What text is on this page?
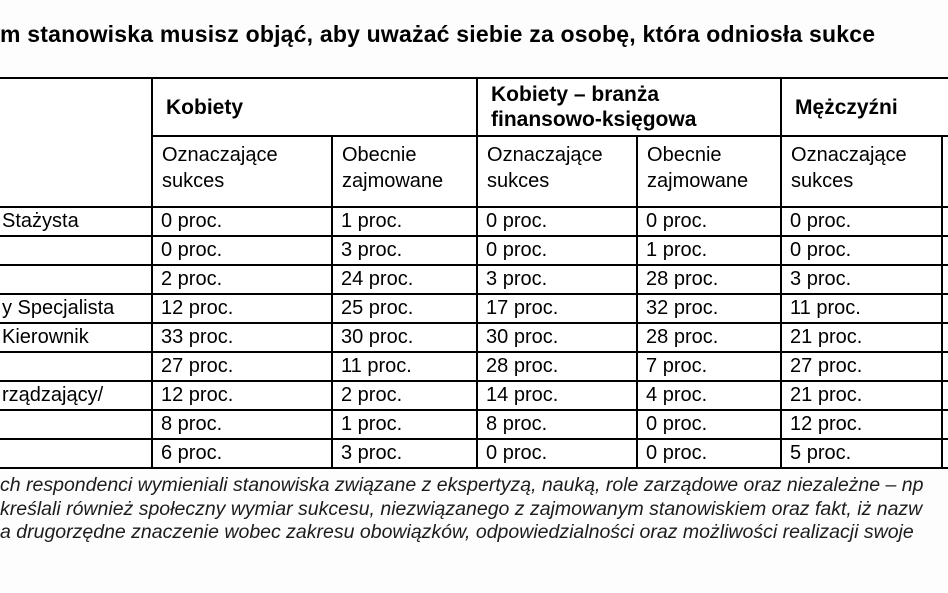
m stanowiska musisz objąć, aby uważać siebie za osobę, która odniosła sukce
	Kobiety		Kobiety – branża finansowo-księgowa		Mężczyźni	
	Oznaczające sukces	Obecnie zajmowane	Oznaczające sukces	Obecnie zajmowane	Oznaczające sukces	
Stażysta	0 proc.	1 proc.	0 proc.	0 proc.	0 proc.	
	0 proc.	3 proc.	0 proc.	1 proc.	0 proc.	
	2 proc.	24 proc.	3 proc.	28 proc.	3 proc.	
y Specjalista	12 proc.	25 proc.	17 proc.	32 proc.	11 proc.	
Kierownik	33 proc.	30 proc.	30 proc.	28 proc.	21 proc.	
	27 proc.	11 proc.	28 proc.	7 proc.	27 proc.	
rządzający/	12 proc.	2 proc.	14 proc.	4 proc.	21 proc.	
	8 proc.	1 proc.	8 proc.	0 proc.	12 proc.	
	6 proc.	3 proc.	0 proc.	0 proc.	5 proc.	
ch respondenci wymieniali stanowiska związane z ekspertyzą, nauką, role zarządowe oraz niezależne – np
kreślali również społeczny wymiar sukcesu, niezwiązanego z zajmowanym stanowiskiem oraz fakt, iż nazw
a drugorzędne znaczenie wobec zakresu obowiązków, odpowiedzialności oraz możliwości realizacji swoje
